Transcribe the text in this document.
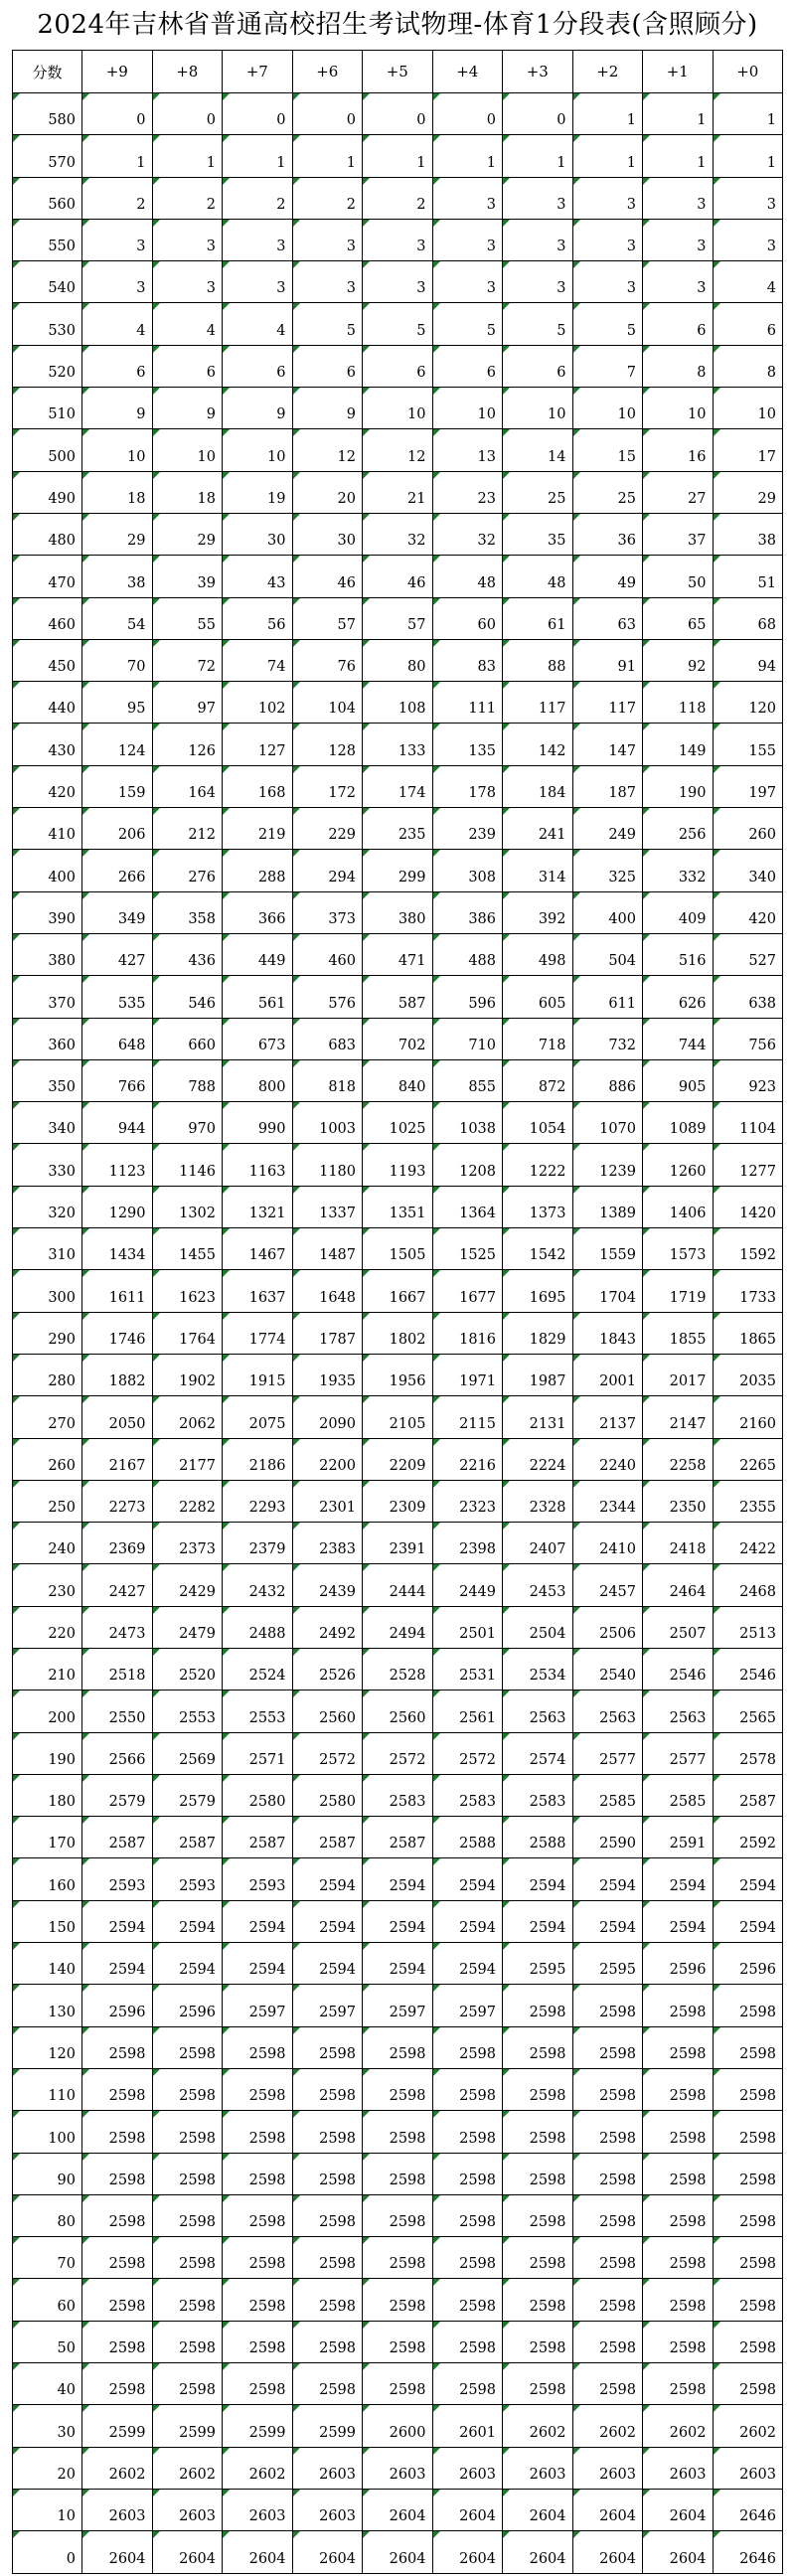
2024年吉林省普通高校招生考试物理-体育1分段表(含照顾分)
分数	+9	+8	+7	+6	+5	+4	+3	+2	+1	+0
580	0	0	0	0	0	0	0	1	1	1
570	1	1	1	1	1	1	1	1	1	1
560	2	2	2	2	2	3	3	3	3	3
550	3	3	3	3	3	3	3	3	3	3
540	3	3	3	3	3	3	3	3	3	4
530	4	4	4	5	5	5	5	5	6	6
520	6	6	6	6	6	6	6	7	8	8
510	9	9	9	9	10	10	10	10	10	10
500	10	10	10	12	12	13	14	15	16	17
490	18	18	19	20	21	23	25	25	27	29
480	29	29	30	30	32	32	35	36	37	38
470	38	39	43	46	46	48	48	49	50	51
460	54	55	56	57	57	60	61	63	65	68
450	70	72	74	76	80	83	88	91	92	94
440	95	97	102	104	108	111	117	117	118	120
430	124	126	127	128	133	135	142	147	149	155
420	159	164	168	172	174	178	184	187	190	197
410	206	212	219	229	235	239	241	249	256	260
400	266	276	288	294	299	308	314	325	332	340
390	349	358	366	373	380	386	392	400	409	420
380	427	436	449	460	471	488	498	504	516	527
370	535	546	561	576	587	596	605	611	626	638
360	648	660	673	683	702	710	718	732	744	756
350	766	788	800	818	840	855	872	886	905	923
340	944	970	990	1003	1025	1038	1054	1070	1089	1104
330	1123	1146	1163	1180	1193	1208	1222	1239	1260	1277
320	1290	1302	1321	1337	1351	1364	1373	1389	1406	1420
310	1434	1455	1467	1487	1505	1525	1542	1559	1573	1592
300	1611	1623	1637	1648	1667	1677	1695	1704	1719	1733
290	1746	1764	1774	1787	1802	1816	1829	1843	1855	1865
280	1882	1902	1915	1935	1956	1971	1987	2001	2017	2035
270	2050	2062	2075	2090	2105	2115	2131	2137	2147	2160
260	2167	2177	2186	2200	2209	2216	2224	2240	2258	2265
250	2273	2282	2293	2301	2309	2323	2328	2344	2350	2355
240	2369	2373	2379	2383	2391	2398	2407	2410	2418	2422
230	2427	2429	2432	2439	2444	2449	2453	2457	2464	2468
220	2473	2479	2488	2492	2494	2501	2504	2506	2507	2513
210	2518	2520	2524	2526	2528	2531	2534	2540	2546	2546
200	2550	2553	2553	2560	2560	2561	2563	2563	2563	2565
190	2566	2569	2571	2572	2572	2572	2574	2577	2577	2578
180	2579	2579	2580	2580	2583	2583	2583	2585	2585	2587
170	2587	2587	2587	2587	2587	2588	2588	2590	2591	2592
160	2593	2593	2593	2594	2594	2594	2594	2594	2594	2594
150	2594	2594	2594	2594	2594	2594	2594	2594	2594	2594
140	2594	2594	2594	2594	2594	2594	2595	2595	2596	2596
130	2596	2596	2597	2597	2597	2597	2598	2598	2598	2598
120	2598	2598	2598	2598	2598	2598	2598	2598	2598	2598
110	2598	2598	2598	2598	2598	2598	2598	2598	2598	2598
100	2598	2598	2598	2598	2598	2598	2598	2598	2598	2598
90	2598	2598	2598	2598	2598	2598	2598	2598	2598	2598
80	2598	2598	2598	2598	2598	2598	2598	2598	2598	2598
70	2598	2598	2598	2598	2598	2598	2598	2598	2598	2598
60	2598	2598	2598	2598	2598	2598	2598	2598	2598	2598
50	2598	2598	2598	2598	2598	2598	2598	2598	2598	2598
40	2598	2598	2598	2598	2598	2598	2598	2598	2598	2598
30	2599	2599	2599	2599	2600	2601	2602	2602	2602	2602
20	2602	2602	2602	2603	2603	2603	2603	2603	2603	2603
10	2603	2603	2603	2603	2604	2604	2604	2604	2604	2646
0	2604	2604	2604	2604	2604	2604	2604	2604	2604	2646
